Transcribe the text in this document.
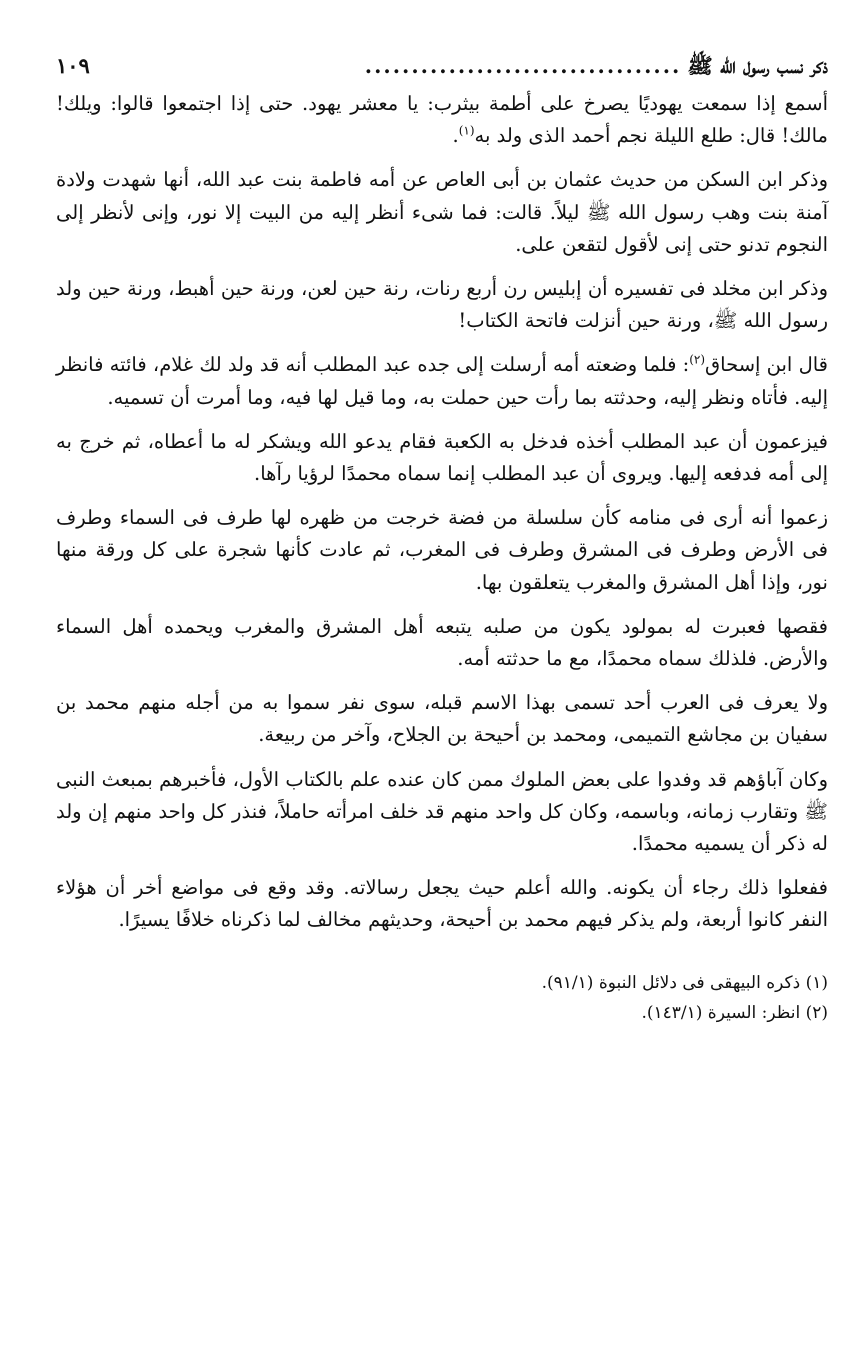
ذكر نسب رسول الله ﷺ
..................................
١٠٩

أسمع إذا سمعت يهوديًا يصرخ على أطمة بيثرب: يا معشر يهود. حتى إذا اجتمعوا قالوا: ويلك! مالك! قال: طلع الليلة نجم أحمد الذى ولد به$^{(١)}$.

وذكر ابن السكن من حديث عثمان بن أبى العاص عن أمه فاطمة بنت عبد الله، أنها شهدت ولادة آمنة بنت وهب رسول الله ﷺ ليلاً. قالت: فما شىء أنظر إليه من البيت إلا نور، وإنى لأنظر إلى النجوم تدنو حتى إنى لأقول لتقعن على.

وذكر ابن مخلد فى تفسيره أن إبليس رن أربع رنات، رنة حين لعن، ورنة حين أهبط، ورنة حين ولد رسول الله ﷺ، ورنة حين أنزلت فاتحة الكتاب!

قال ابن إسحاق$^{(٢)}$: فلما وضعته أمه أرسلت إلى جده عبد المطلب أنه قد ولد لك غلام، فائته فانظر إليه. فأتاه ونظر إليه، وحدثته بما رأت حين حملت به، وما قيل لها فيه، وما أمرت أن تسميه.

فيزعمون أن عبد المطلب أخذه فدخل به الكعبة فقام يدعو الله ويشكر له ما أعطاه، ثم خرج به إلى أمه فدفعه إليها. ويروى أن عبد المطلب إنما سماه محمدًا لرؤيا رآها.

زعموا أنه أرى فى منامه كأن سلسلة من فضة خرجت من ظهره لها طرف فى السماء وطرف فى الأرض وطرف فى المشرق وطرف فى المغرب، ثم عادت كأنها شجرة على كل ورقة منها نور، وإذا أهل المشرق والمغرب يتعلقون بها.

فقصها فعبرت له بمولود يكون من صلبه يتبعه أهل المشرق والمغرب ويحمده أهل السماء والأرض. فلذلك سماه محمدًا، مع ما حدثته أمه.

ولا يعرف فى العرب أحد تسمى بهذا الاسم قبله، سوى نفر سموا به من أجله منهم محمد بن سفيان بن مجاشع التميمى، ومحمد بن أحيحة بن الجلاح، وآخر من ربيعة.

وكان آباؤهم قد وفدوا على بعض الملوك ممن كان عنده علم بالكتاب الأول، فأخبرهم بمبعث النبى ﷺ وتقارب زمانه، وباسمه، وكان كل واحد منهم قد خلف امرأته حاملاً، فنذر كل واحد منهم إن ولد له ذكر أن يسميه محمدًا.

ففعلوا ذلك رجاء أن يكونه. والله أعلم حيث يجعل رسالاته. وقد وقع فى مواضع أخر أن هؤلاء النفر كانوا أربعة، ولم يذكر فيهم محمد بن أحيحة، وحديثهم مخالف لما ذكرناه خلافًا يسيرًا.

(١) ذكره البيهقى فى دلائل النبوة (٩١/١).

(٢) انظر: السيرة (١٤٣/١).
